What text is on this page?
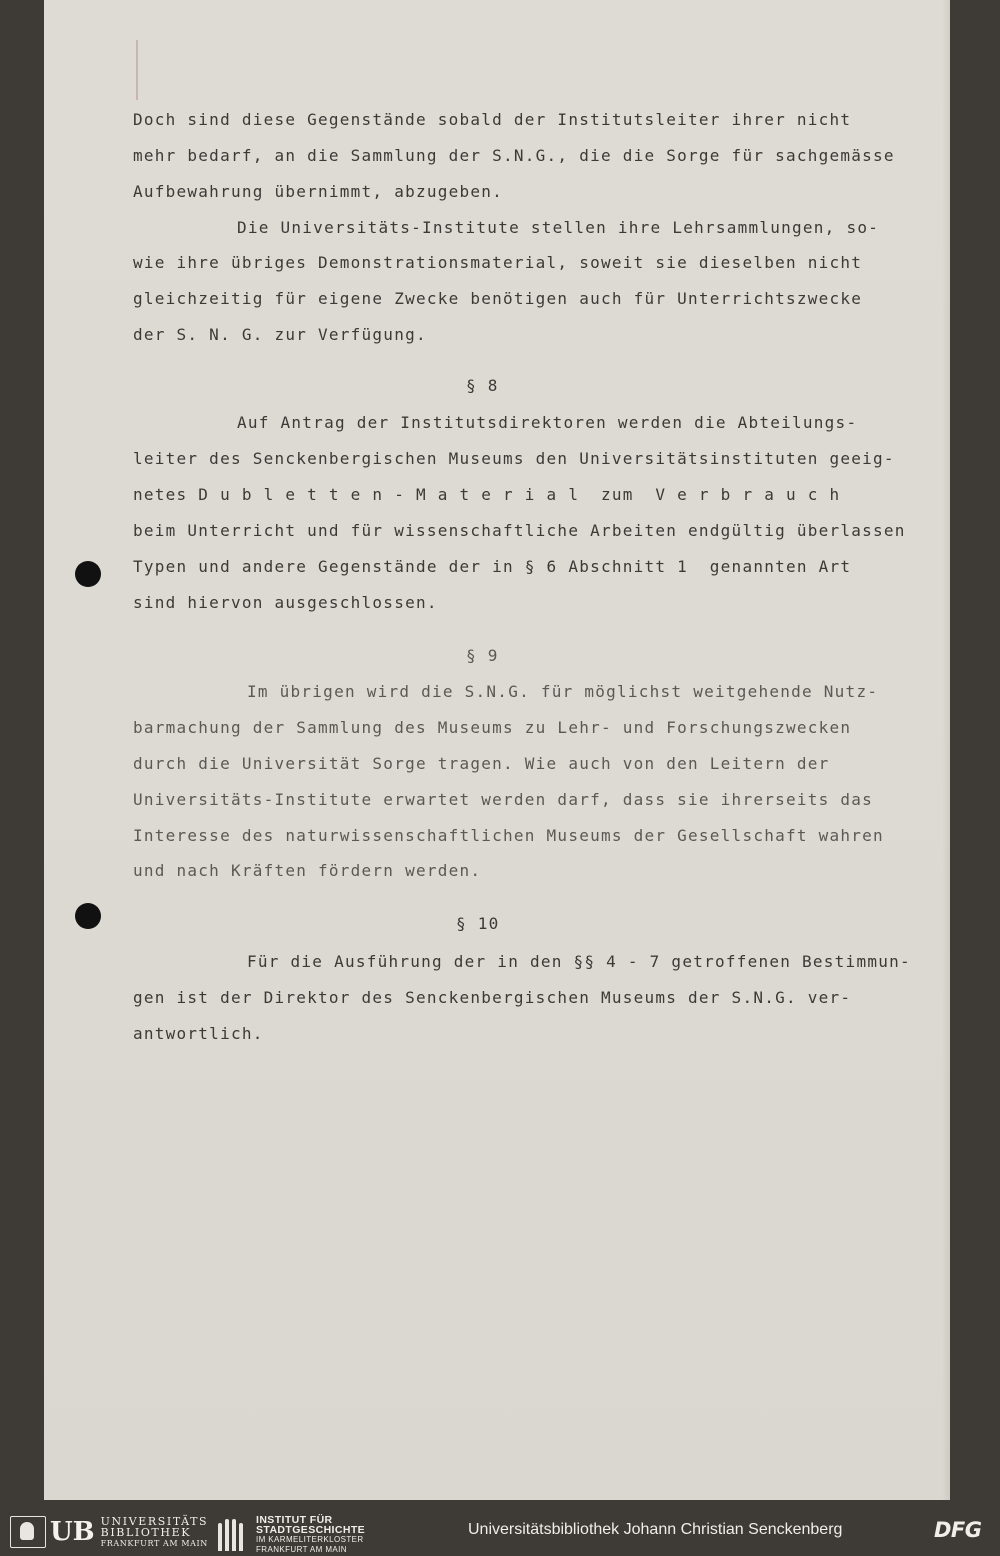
Doch sind diese Gegenstände sobald der Institutsleiter ihrer nicht

mehr bedarf, an die Sammlung der S.N.G., die die Sorge für sachgemässe

Aufbewahrung übernimmt, abzugeben.

Die Universitäts-Institute stellen ihre Lehrsammlungen, so-

wie ihre übriges Demonstrationsmaterial, soweit sie dieselben nicht

gleichzeitig für eigene Zwecke benötigen auch für Unterrichtszwecke

der S. N. G. zur Verfügung.

§ 8

Auf Antrag der Institutsdirektoren werden die Abteilungs-

leiter des Senckenbergischen Museums den Universitätsinstituten geeig-

netes D u b l e t t e n - M a t e r i a l  zum  V e r b r a u c h

beim Unterricht und für wissenschaftliche Arbeiten endgültig überlassen

Typen und andere Gegenstände der in § 6 Abschnitt 1  genannten Art

sind hiervon ausgeschlossen.

§ 9

Im übrigen wird die S.N.G. für möglichst weitgehende Nutz-

barmachung der Sammlung des Museums zu Lehr- und Forschungszwecken

durch die Universität Sorge tragen. Wie auch von den Leitern der

Universitäts-Institute erwartet werden darf, dass sie ihrerseits das

Interesse des naturwissenschaftlichen Museums der Gesellschaft wahren

und nach Kräften fördern werden.

§ 10

Für die Ausführung der in den §§ 4 - 7 getroffenen Bestimmun-

gen ist der Direktor des Senckenbergischen Museums der S.N.G. ver-

antwortlich.

UB UNIVERSITÄTS
BIBLIOTHEK
FRANKFURT AM MAIN
INSTITUT FÜR
STADTGESCHICHTE
IM KARMELITERKLOSTER
FRANKFURT AM MAIN
Universitätsbibliothek Johann Christian Senckenberg	DFG
